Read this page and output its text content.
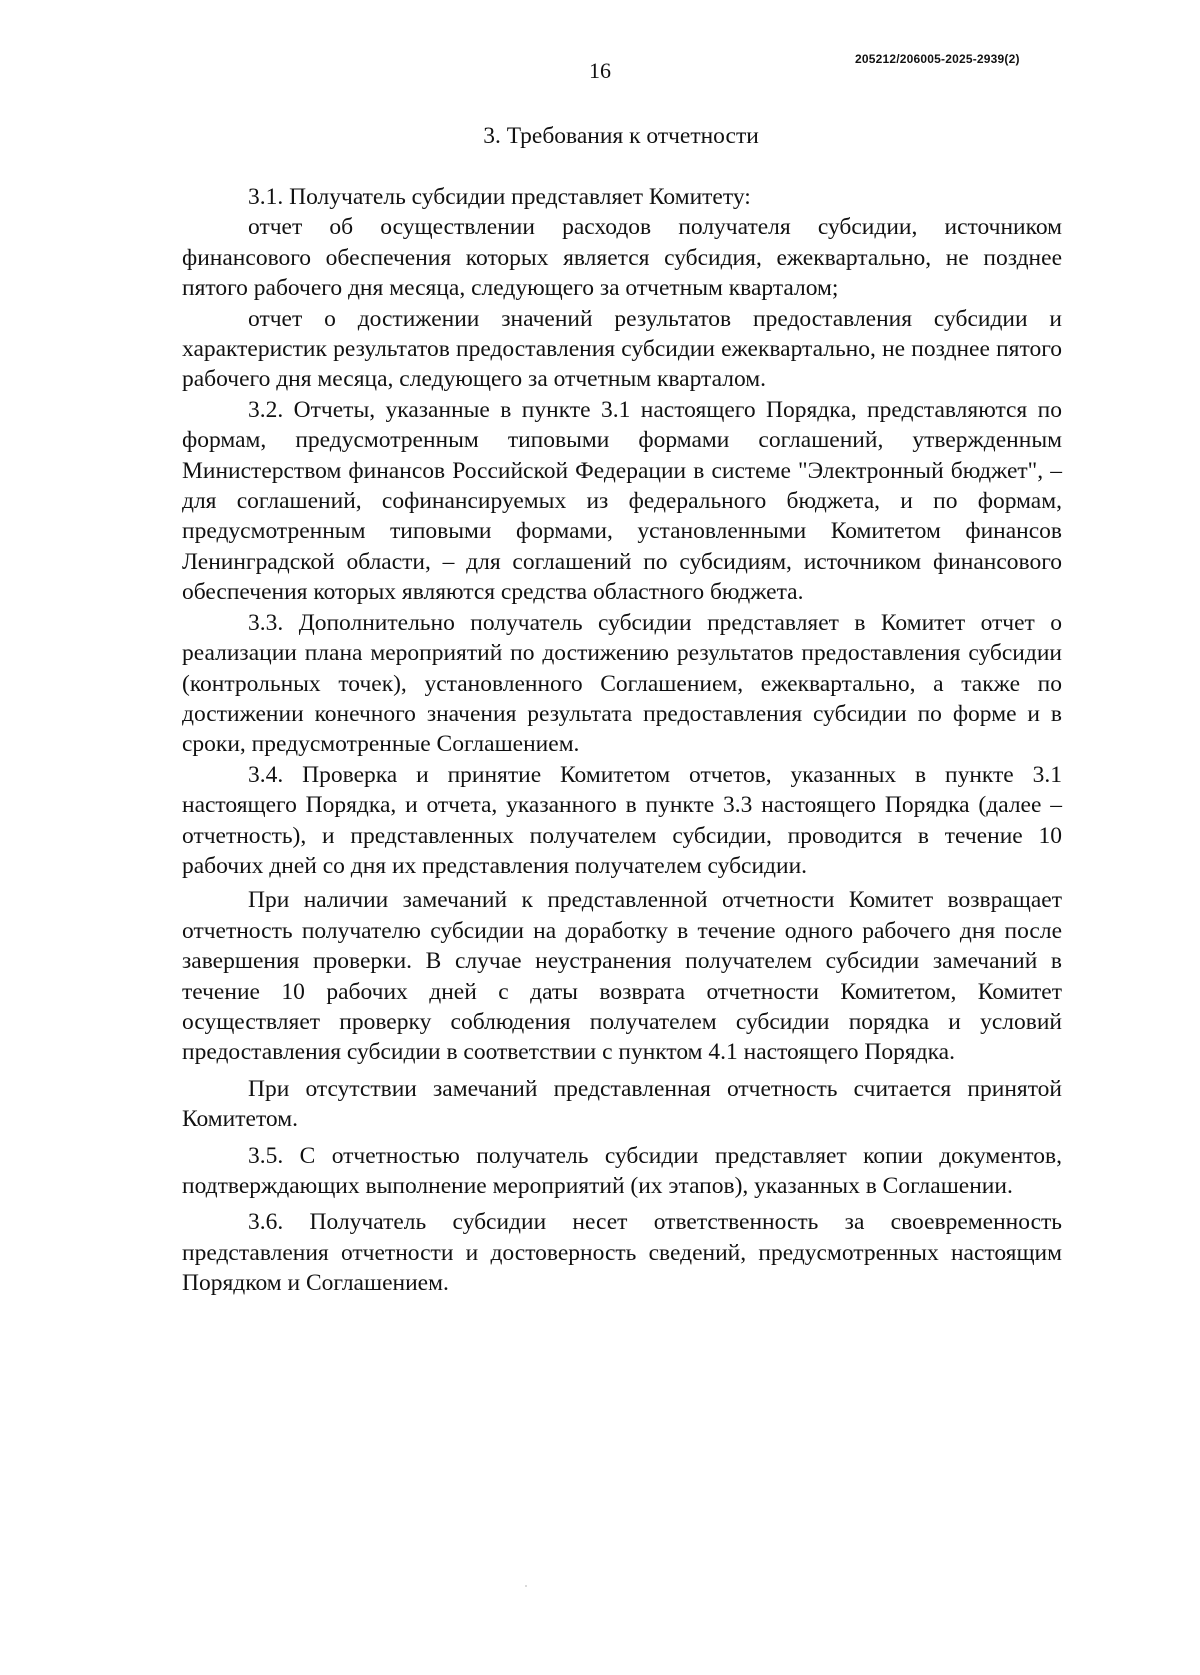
16	205212/206005-2025-2939(2)
3. Требования к отчетности

3.1. Получатель субсидии представляет Комитету:

отчет об осуществлении расходов получателя субсидии, источником финансового обеспечения которых является субсидия, ежеквартально, не позднее пятого рабочего дня месяца, следующего за отчетным кварталом;

отчет о достижении значений результатов предоставления субсидии и характеристик результатов предоставления субсидии ежеквартально, не позднее пятого рабочего дня месяца, следующего за отчетным кварталом.

3.2. Отчеты, указанные в пункте 3.1 настоящего Порядка, представляются по формам, предусмотренным типовыми формами соглашений, утвержденным Министерством финансов Российской Федерации в системе "Электронный бюджет", – для соглашений, софинансируемых из федерального бюджета, и по формам, предусмотренным типовыми формами, установленными Комитетом финансов Ленинградской области, – для соглашений по субсидиям, источником финансового обеспечения которых являются средства областного бюджета.

3.3. Дополнительно получатель субсидии представляет в Комитет отчет о реализации плана мероприятий по достижению результатов предоставления субсидии (контрольных точек), установленного Соглашением, ежеквартально, а также по достижении конечного значения результата предоставления субсидии по форме и в сроки, предусмотренные Соглашением.

3.4. Проверка и принятие Комитетом отчетов, указанных в пункте 3.1 настоящего Порядка, и отчета, указанного в пункте 3.3 настоящего Порядка (далее – отчетность), и представленных получателем субсидии, проводится в течение 10 рабочих дней со дня их представления получателем субсидии.

При наличии замечаний к представленной отчетности Комитет возвращает отчетность получателю субсидии на доработку в течение одного рабочего дня после завершения проверки. В случае неустранения получателем субсидии замечаний в течение 10 рабочих дней с даты возврата отчетности Комитетом, Комитет осуществляет проверку соблюдения получателем субсидии порядка и условий предоставления субсидии в соответствии с пунктом 4.1 настоящего Порядка.

При отсутствии замечаний представленная отчетность считается принятой Комитетом.

3.5. С отчетностью получатель субсидии представляет копии документов, подтверждающих выполнение мероприятий (их этапов), указанных в Соглашении.

3.6. Получатель субсидии несет ответственность за своевременность представления отчетности и достоверность сведений, предусмотренных настоящим Порядком и Соглашением.
